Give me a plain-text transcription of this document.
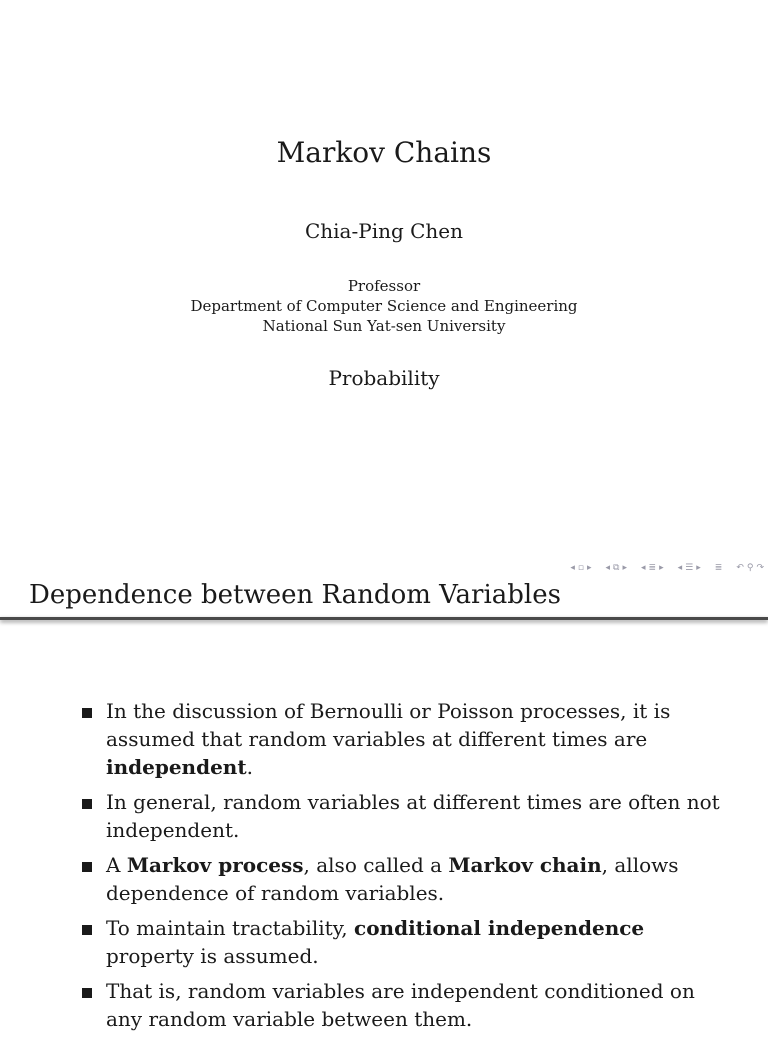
Markov Chains
Chia-Ping Chen
Professor
Department of Computer Science and Engineering
National Sun Yat-sen University
Probability
◂ ▫ ▸ ◂ ⧉ ▸ ◂ ≣ ▸ ◂ ☰ ▸ ≣ ↶ ⚲ ↷
Dependence between Random Variables
In the discussion of Bernoulli or Poisson processes, it is assumed that random variables at different times are independent.
In general, random variables at different times are often not independent.
A Markov process, also called a Markov chain, allows dependence of random variables.
To maintain tractability, conditional independence property is assumed.
That is, random variables are independent conditioned on any random variable between them.
